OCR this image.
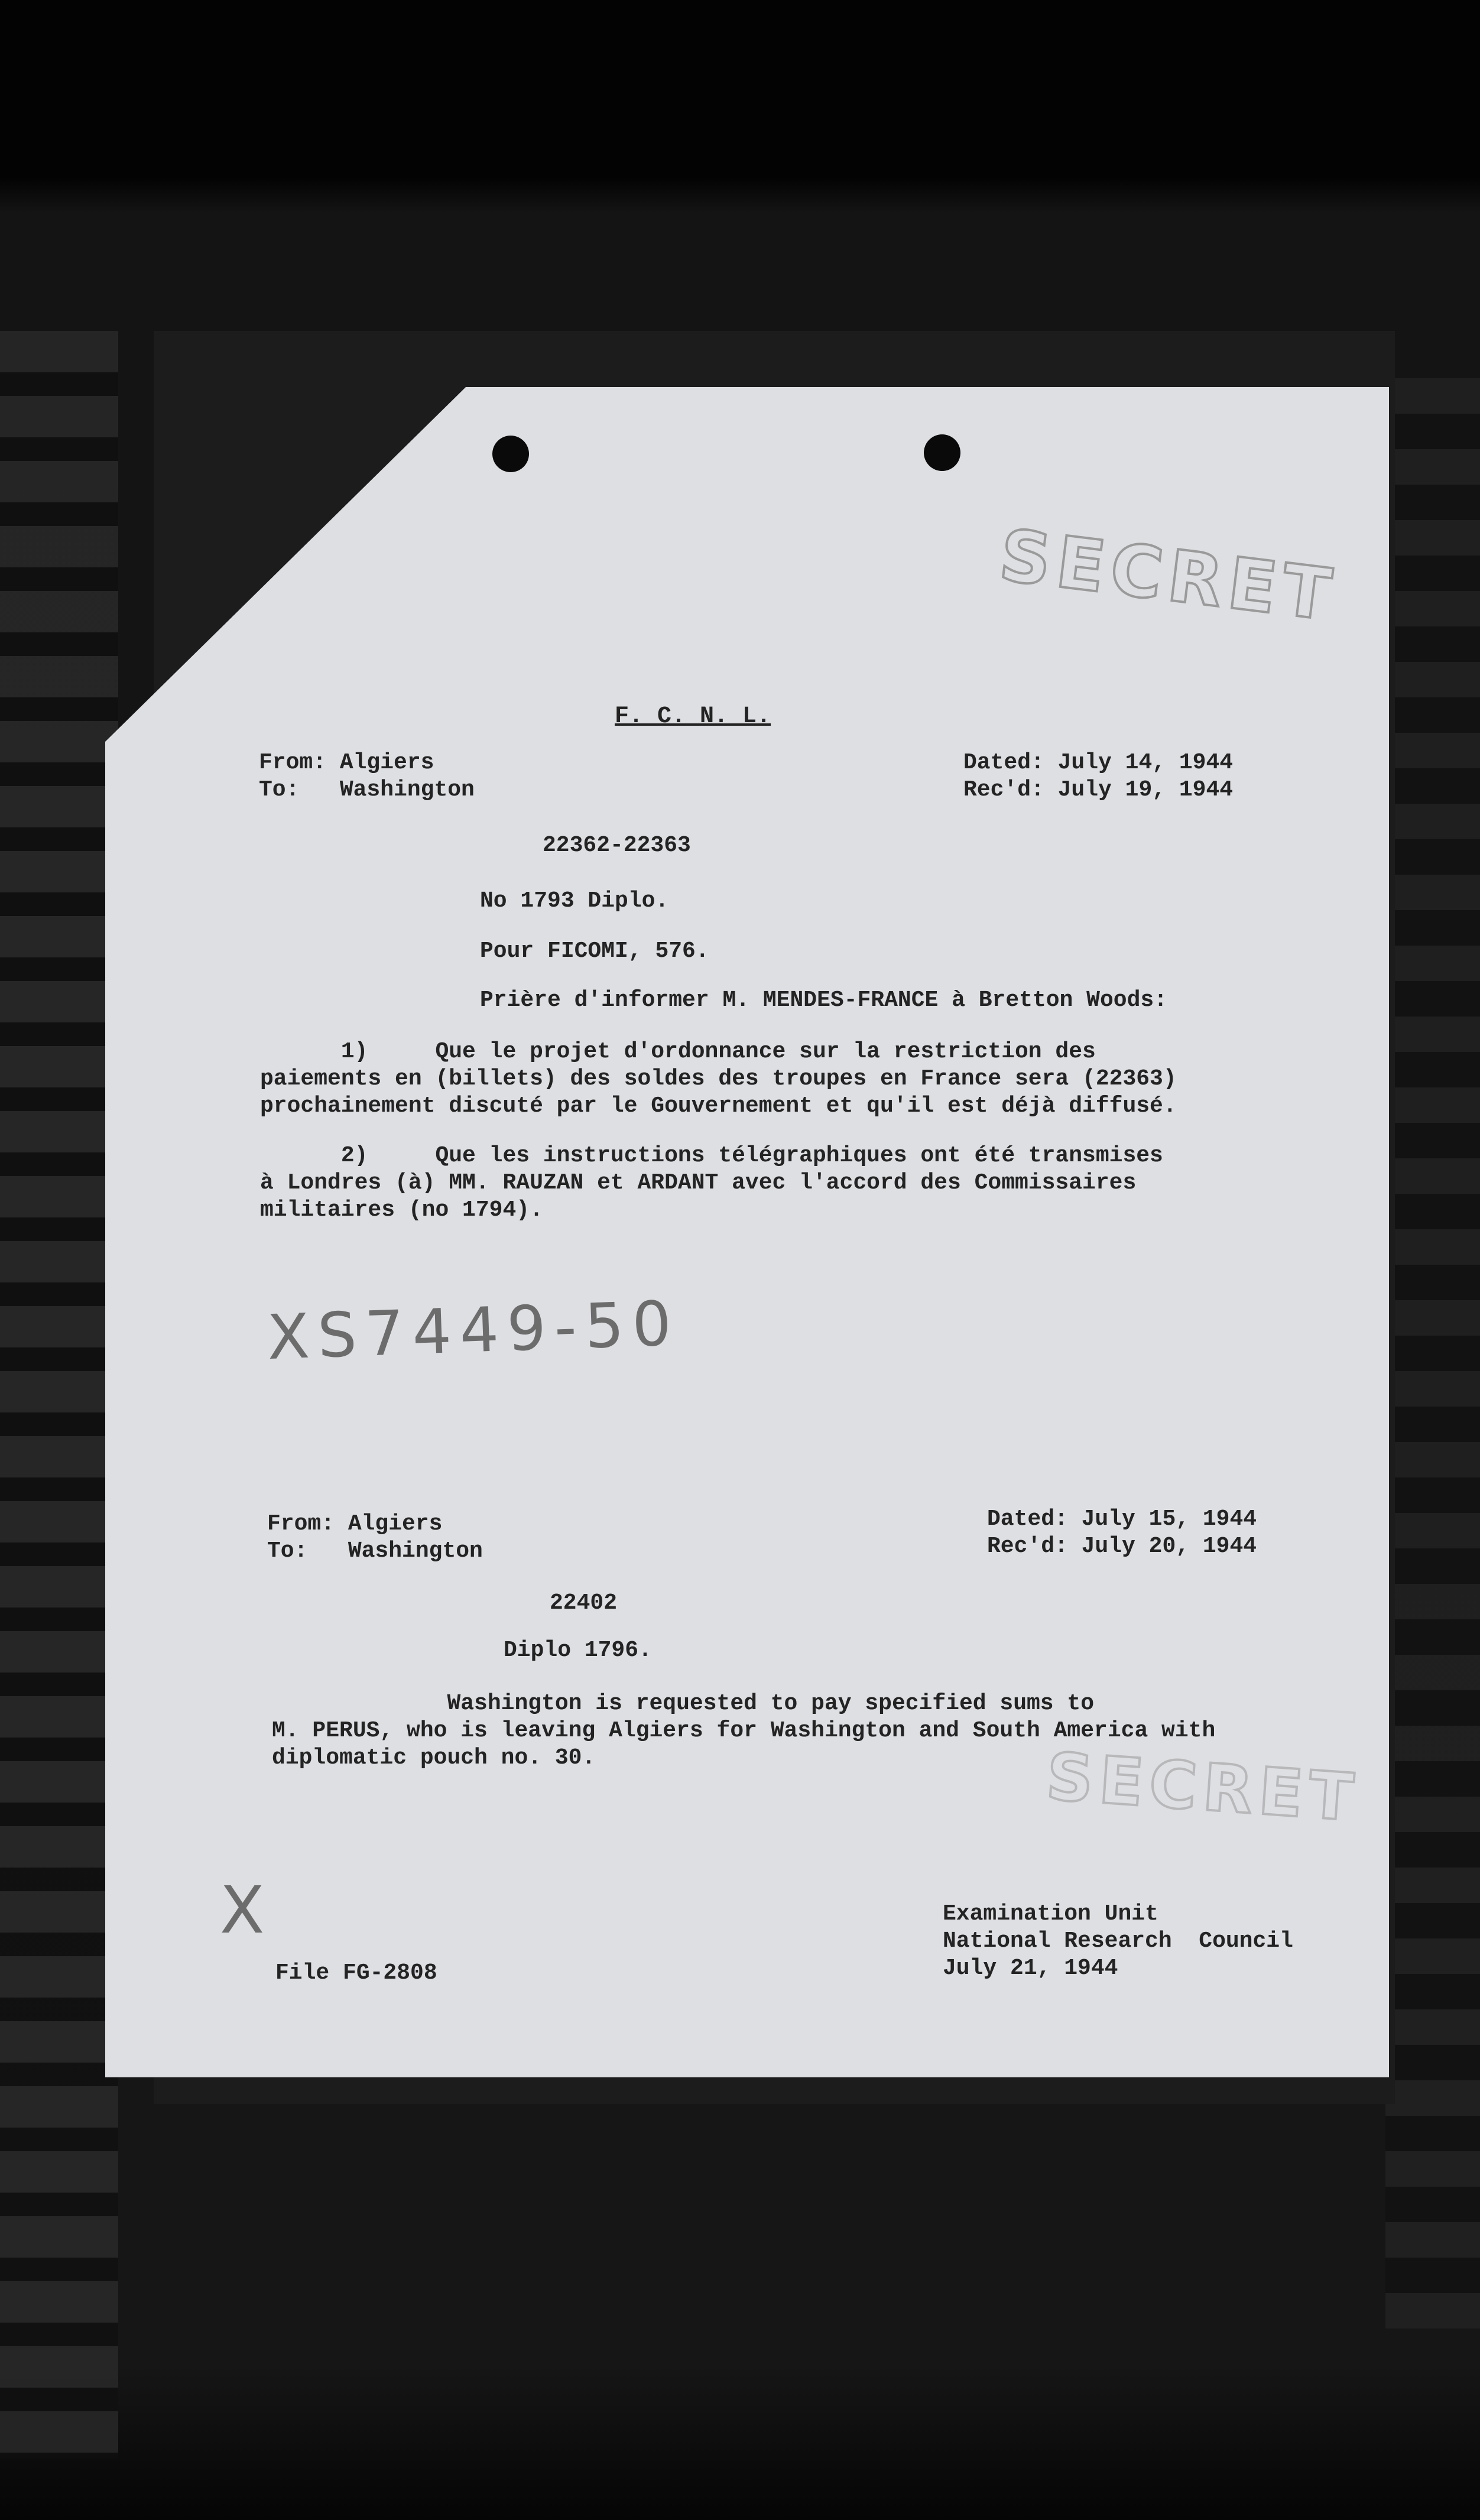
SECRET
SECRET

F. C. N. L.

From: Algiers

To:   Washington

Dated: July 14, 1944

Rec'd: July 19, 1944

22362-22363

No 1793 Diplo.

Pour FICOMI, 576.

Prière d'informer M. MENDES-FRANCE à Bretton Woods:

1)     Que le projet d'ordonnance sur la restriction des

paiements en (billets) des soldes des troupes en France sera (22363)

prochainement discuté par le Gouvernement et qu'il est déjà diffusé.

2)     Que les instructions télégraphiques ont été transmises

à Londres (à) MM. RAUZAN et ARDANT avec l'accord des Commissaires

militaires (no 1794).

XS7449-50

From: Algiers

To:   Washington

Dated: July 15, 1944

Rec'd: July 20, 1944

22402

Diplo 1796.

Washington is requested to pay specified sums to

M. PERUS, who is leaving Algiers for Washington and South America with

diplomatic pouch no. 30.

X

File FG-2808

Examination Unit

National Research  Council

July 21, 1944
